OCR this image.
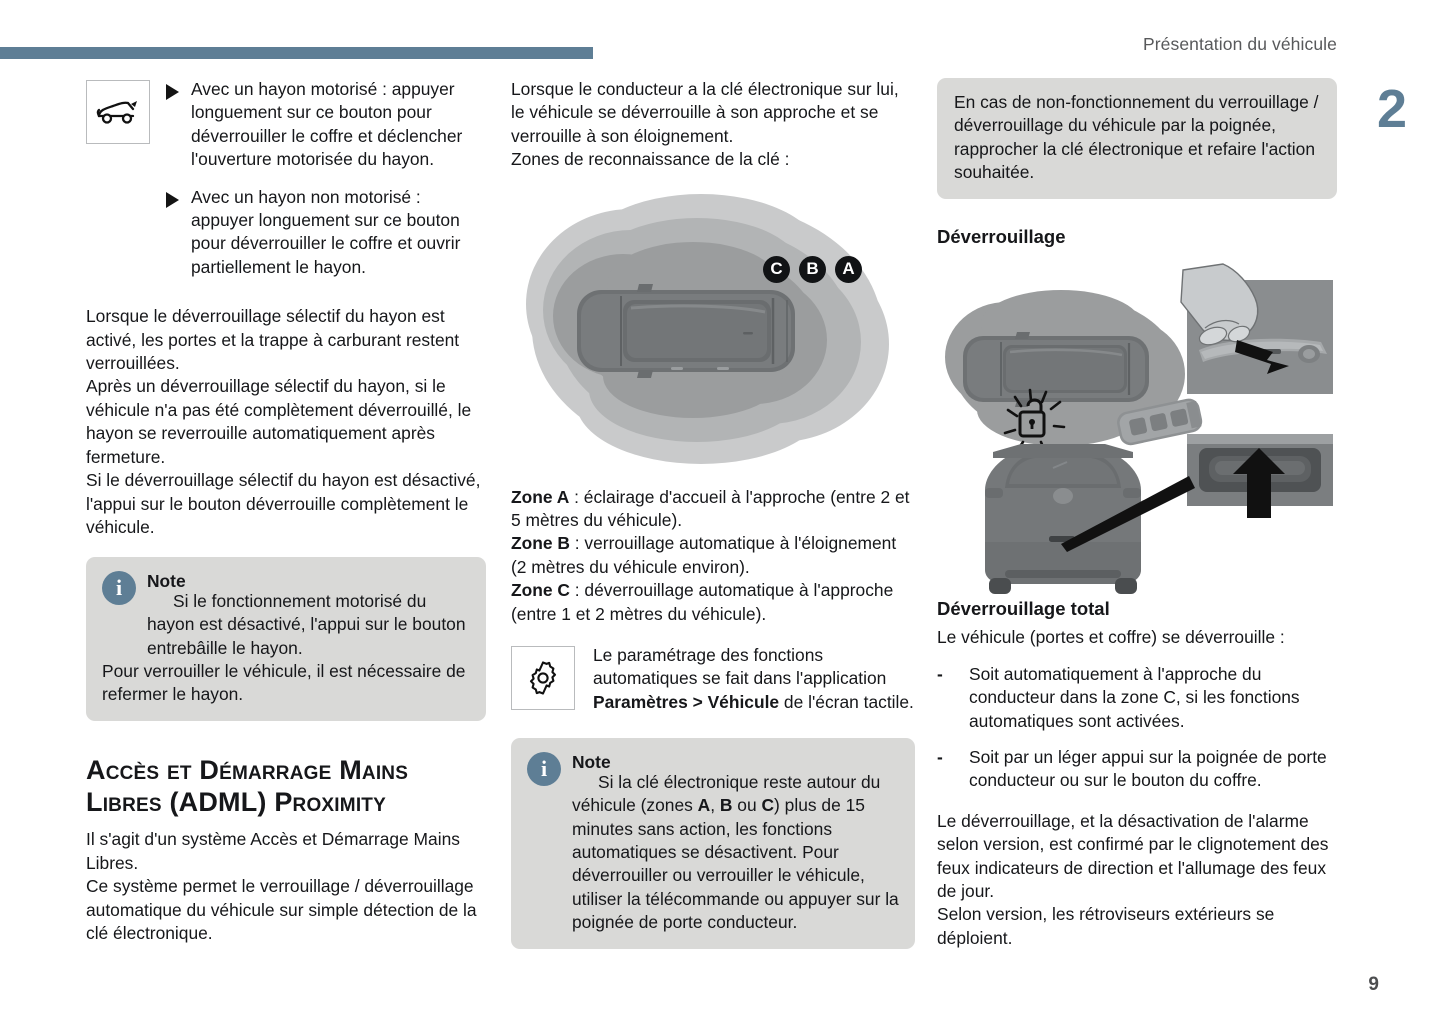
Présentation du véhicule
2
9
Avec un hayon motorisé : appuyer longuement sur ce bouton pour déverrouiller le coffre et déclencher l'ouverture motorisée du hayon.
Avec un hayon non motorisé : appuyer longuement sur ce bouton pour déverrouiller le coffre et ouvrir partiellement le hayon.

Lorsque le déverrouillage sélectif du hayon est activé, les portes et la trappe à carburant restent verrouillées.

Après un déverrouillage sélectif du hayon, si le véhicule n'a pas été complètement déverrouillé, le hayon se reverrouille automatiquement après fermeture.

Si le déverrouillage sélectif du hayon est désactivé, l'appui sur le bouton déverrouille complètement le véhicule.

i Note
Si le fonctionnement motorisé du hayon est désactivé, l'appui sur le bouton entrebâille le hayon.
Pour verrouiller le véhicule, il est nécessaire de refermer le hayon.
Accès et Démarrage Mains Libres (ADML) Proximity

Il s'agit d'un système Accès et Démarrage Mains Libres.

Ce système permet le verrouillage / déverrouillage automatique du véhicule sur simple détection de la clé électronique.

Lorsque le conducteur a la clé électronique sur lui, le véhicule se déverrouille à son approche et se verrouille à son éloignement.

Zones de reconnaissance de la clé :

C	B	A

Zone A : éclairage d'accueil à l'approche (entre 2 et 5 mètres du véhicule).

Zone B : verrouillage automatique à l'éloignement (2 mètres du véhicule environ).

Zone C : déverrouillage automatique à l'approche (entre 1 et 2 mètres du véhicule).

Le paramétrage des fonctions automatiques se fait dans l'application Paramètres > Véhicule de l'écran tactile.
i Note
Si la clé électronique reste autour du véhicule (zones A, B ou C) plus de 15 minutes sans action, les fonctions automatiques se désactivent. Pour déverrouiller ou verrouiller le véhicule, utiliser la télécommande ou appuyer sur la poignée de porte conducteur.
En cas de non-fonctionnement du verrouillage / déverrouillage du véhicule par la poignée, rapprocher la clé électronique et refaire l'action souhaitée.
Déverrouillage
Déverrouillage total

Le véhicule (portes et coffre) se déverrouille :

-	Soit automatiquement à l'approche du conducteur dans la zone C, si les fonctions automatiques sont activées.
-	Soit par un léger appui sur la poignée de porte conducteur ou sur le bouton du coffre.

Le déverrouillage, et la désactivation de l'alarme selon version, est confirmé par le clignotement des feux indicateurs de direction et l'allumage des feux de jour.

Selon version, les rétroviseurs extérieurs se déploient.
